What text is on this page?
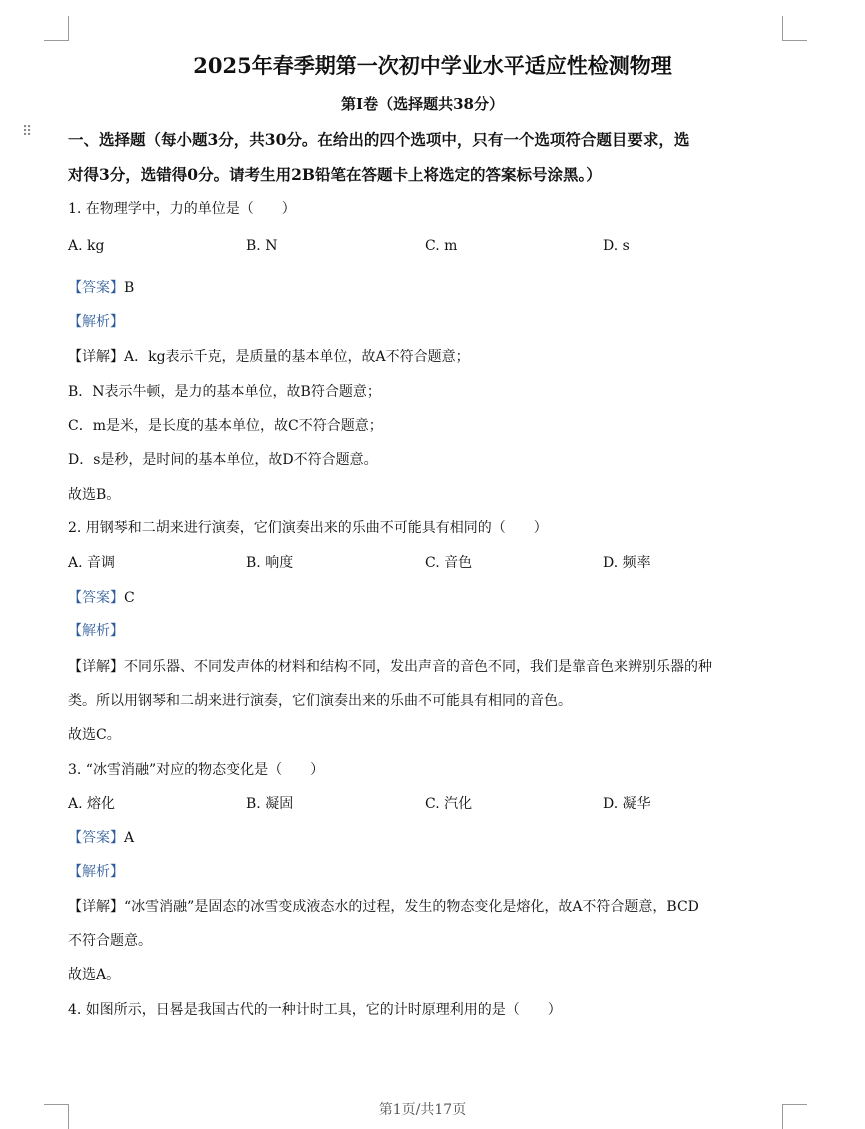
⠿
2025年春季期第一次初中学业水平适应性检测物理
第I卷（选择题共38分）
一、选择题（每小题3分，共30分。在给出的四个选项中，只有一个选项符合题目要求，选
对得3分，选错得0分。请考生用2B铅笔在答题卡上将选定的答案标号涂黑。）
1. 在物理学中，力的单位是（　　）
A. kg	B. N	C. m	D. s
【答案】B
【解析】
【详解】A．kg表示千克，是质量的基本单位，故A不符合题意；
B．N表示牛顿，是力的基本单位，故B符合题意；
C．m是米，是长度的基本单位，故C不符合题意；
D．s是秒，是时间的基本单位，故D不符合题意。
故选B。
2. 用钢琴和二胡来进行演奏，它们演奏出来的乐曲不可能具有相同的（　　）
A. 音调	B. 响度	C. 音色	D. 频率
【答案】C
【解析】
【详解】不同乐器、不同发声体的材料和结构不同，发出声音的音色不同，我们是靠音色来辨别乐器的种
类。所以用钢琴和二胡来进行演奏，它们演奏出来的乐曲不可能具有相同的音色。
故选C。
3. “冰雪消融”对应的物态变化是（　　）
A. 熔化	B. 凝固	C. 汽化	D. 凝华
【答案】A
【解析】
【详解】“冰雪消融”是固态的冰雪变成液态水的过程，发生的物态变化是熔化，故A不符合题意，BCD
不符合题意。
故选A。
4. 如图所示，日晷是我国古代的一种计时工具，它的计时原理利用的是（　　）
第1页/共17页
